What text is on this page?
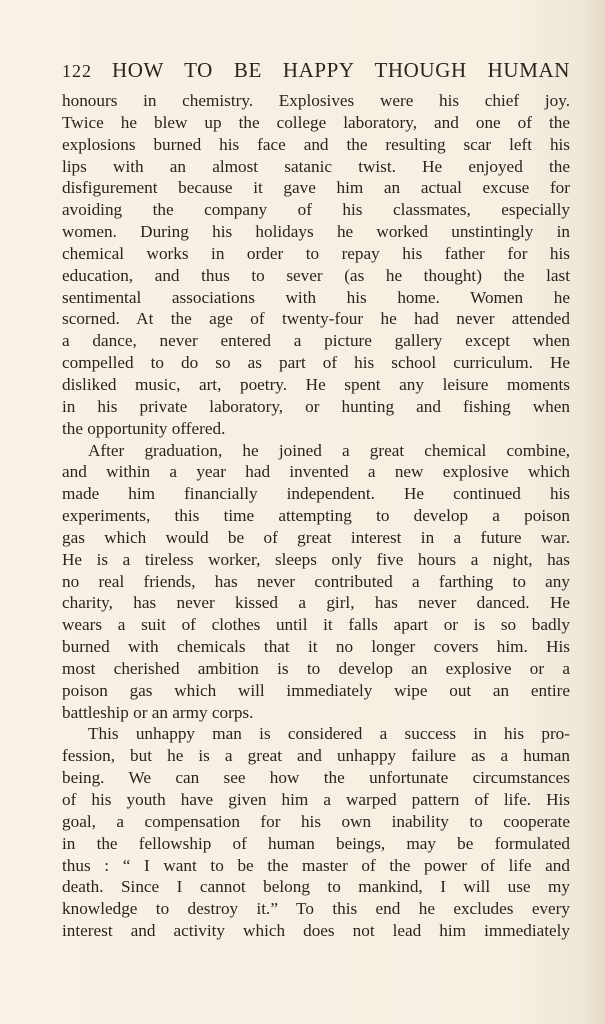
122 HOW TO BE HAPPY THOUGH HUMAN
honours in chemistry. Explosives were his chief joy.
Twice he blew up the college laboratory, and one of the
explosions burned his face and the resulting scar left his
lips with an almost satanic twist. He enjoyed the
disfigurement because it gave him an actual excuse for
avoiding the company of his classmates, especially
women. During his holidays he worked unstintingly in
chemical works in order to repay his father for his
education, and thus to sever (as he thought) the last
sentimental associations with his home. Women he
scorned. At the age of twenty-four he had never attended
a dance, never entered a picture gallery except when
compelled to do so as part of his school curriculum. He
disliked music, art, poetry. He spent any leisure moments
in his private laboratory, or hunting and fishing when
the opportunity offered.
After graduation, he joined a great chemical combine,
and within a year had invented a new explosive which
made him financially independent. He continued his
experiments, this time attempting to develop a poison
gas which would be of great interest in a future war.
He is a tireless worker, sleeps only five hours a night, has
no real friends, has never contributed a farthing to any
charity, has never kissed a girl, has never danced. He
wears a suit of clothes until it falls apart or is so badly
burned with chemicals that it no longer covers him. His
most cherished ambition is to develop an explosive or a
poison gas which will immediately wipe out an entire
battleship or an army corps.
This unhappy man is considered a success in his pro-
fession, but he is a great and unhappy failure as a human
being. We can see how the unfortunate circumstances
of his youth have given him a warped pattern of life. His
goal, a compensation for his own inability to cooperate
in the fellowship of human beings, may be formulated
thus : “ I want to be the master of the power of life and
death. Since I cannot belong to mankind, I will use my
knowledge to destroy it.” To this end he excludes every
interest and activity which does not lead him immediately
